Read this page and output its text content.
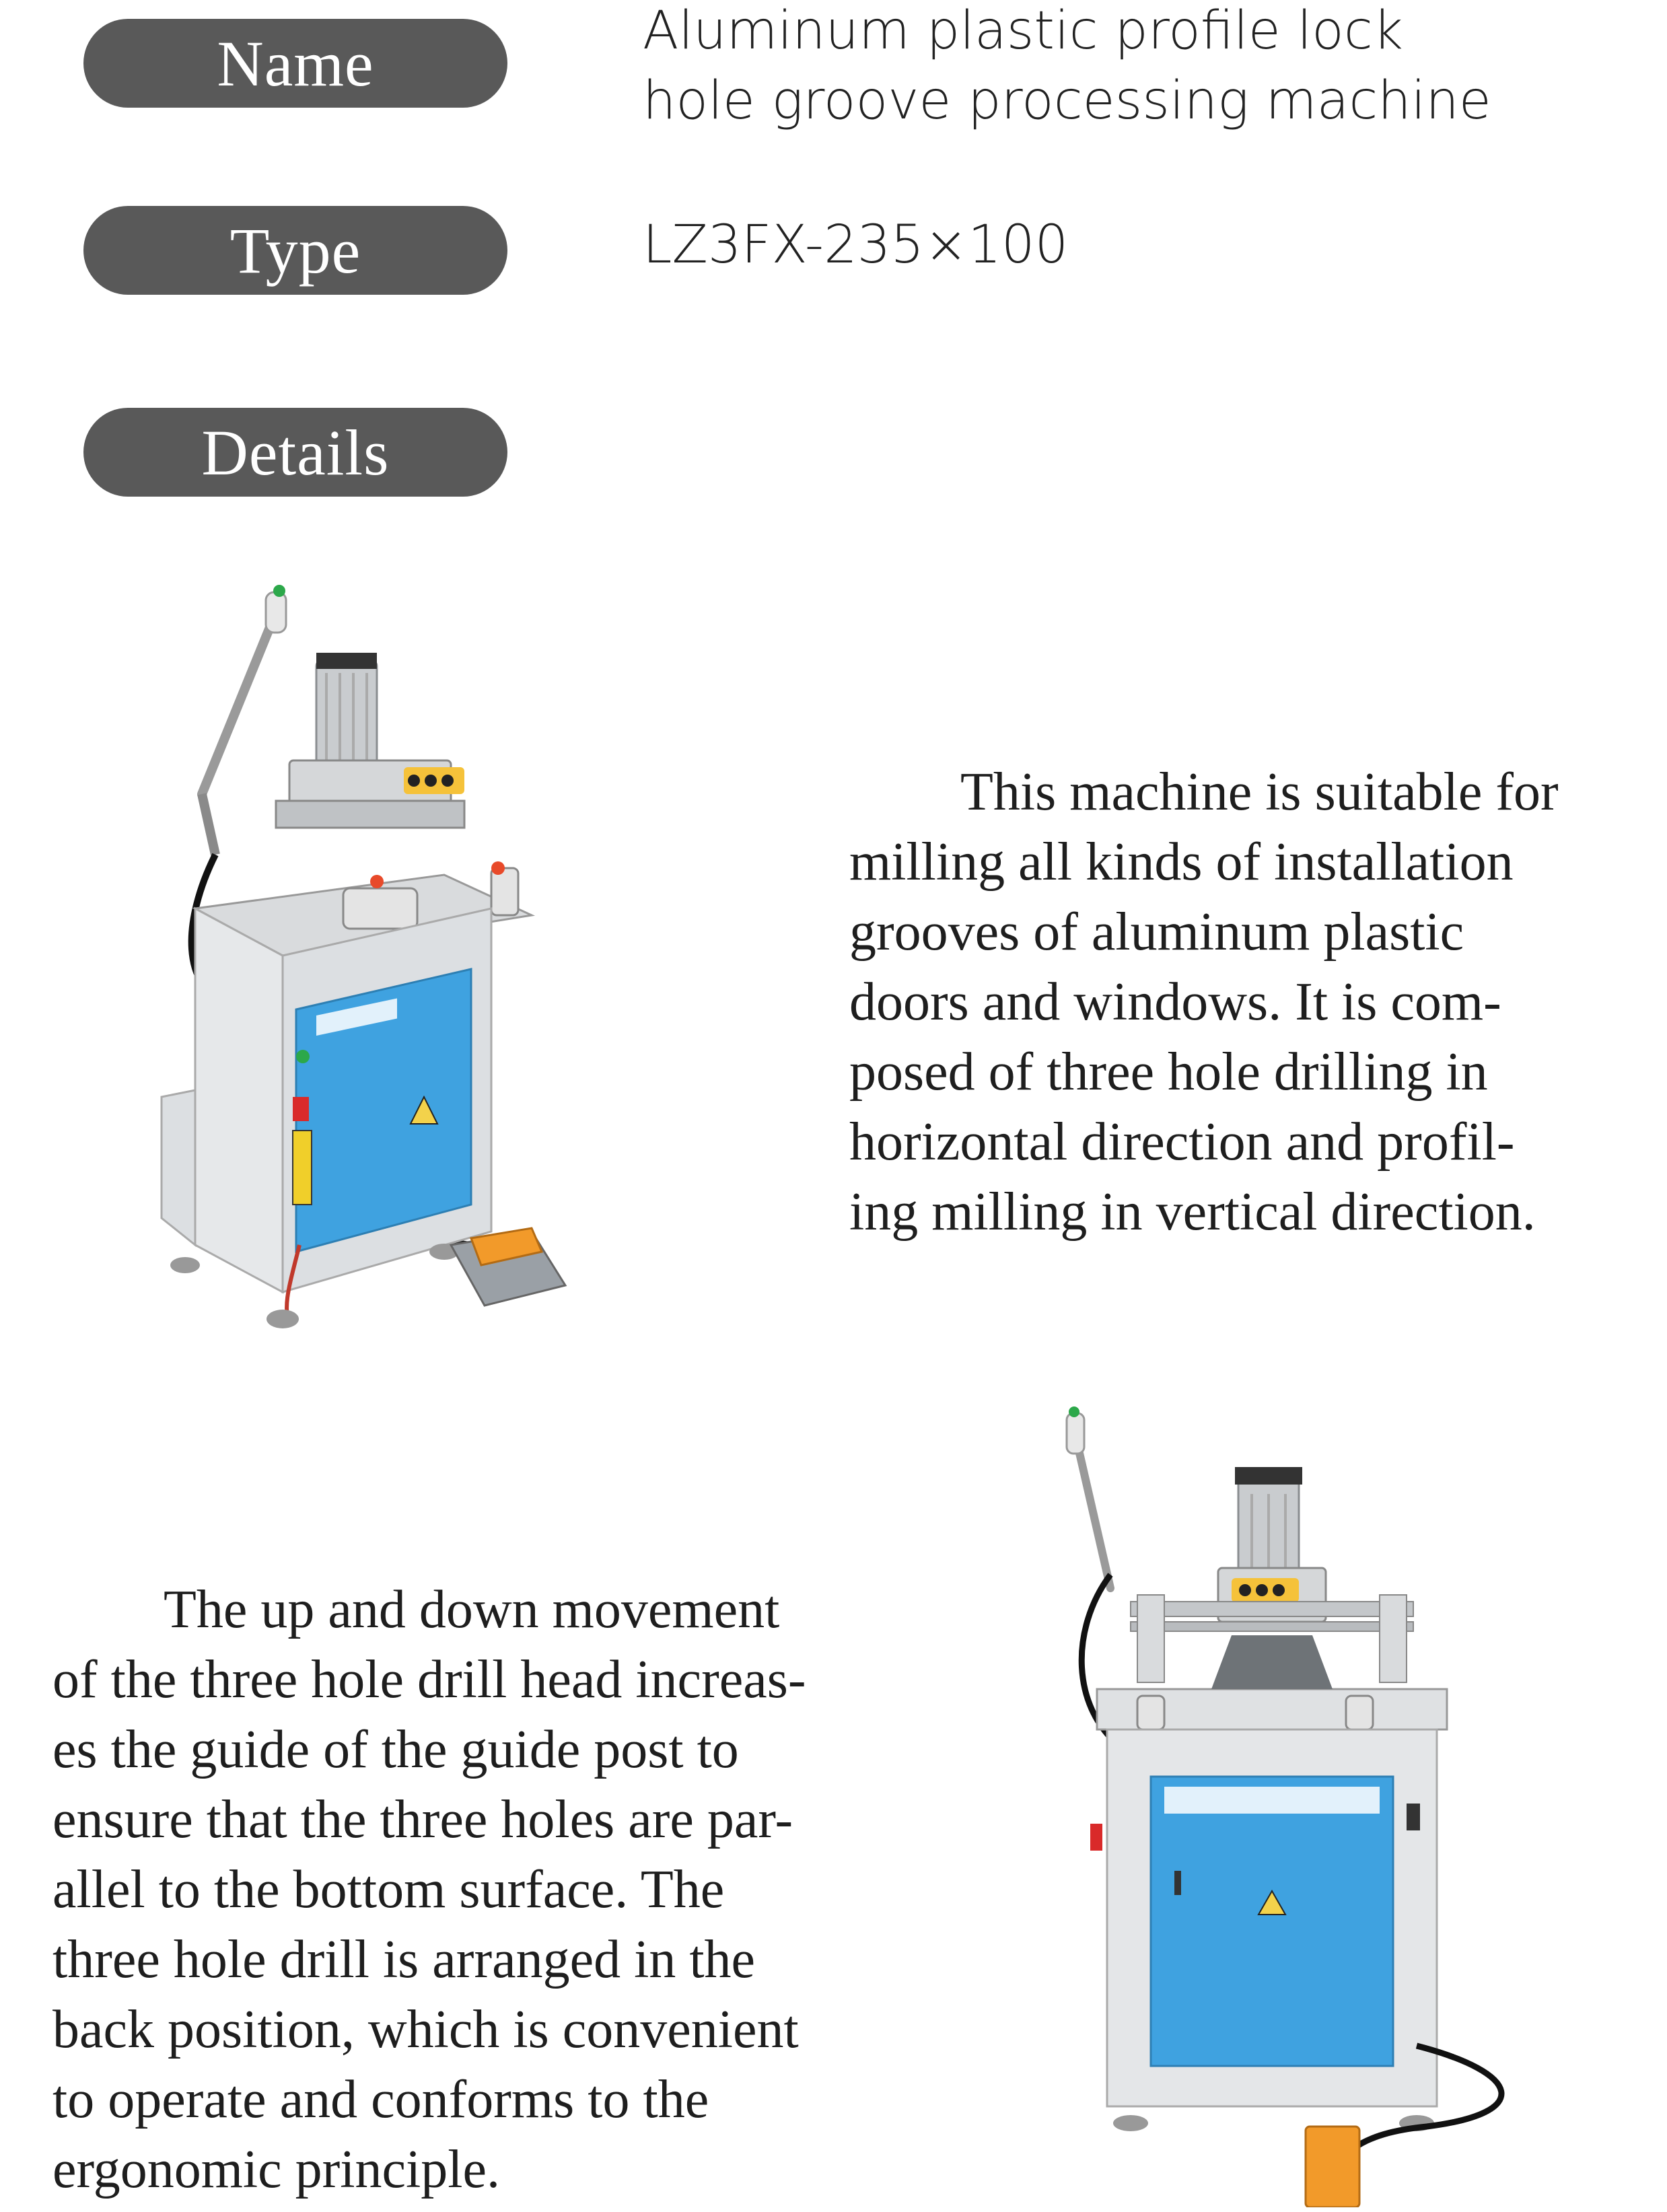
Name	Aluminum plastic profile lock
hole groove processing machine
Type	LZ3FX-235×100
Details

This machine is suitable for
milling all kinds of installation
grooves of aluminum plastic
doors and windows. It is com-
posed of three hole drilling in
horizontal direction and profil-
ing milling in vertical direction.

The up and down movement
of the three hole drill head increas-
es the guide of the guide post to
ensure that the three holes are par-
allel to the bottom surface. The
three hole drill is arranged in the
back position, which is convenient
to operate and conforms to the
ergonomic principle.
